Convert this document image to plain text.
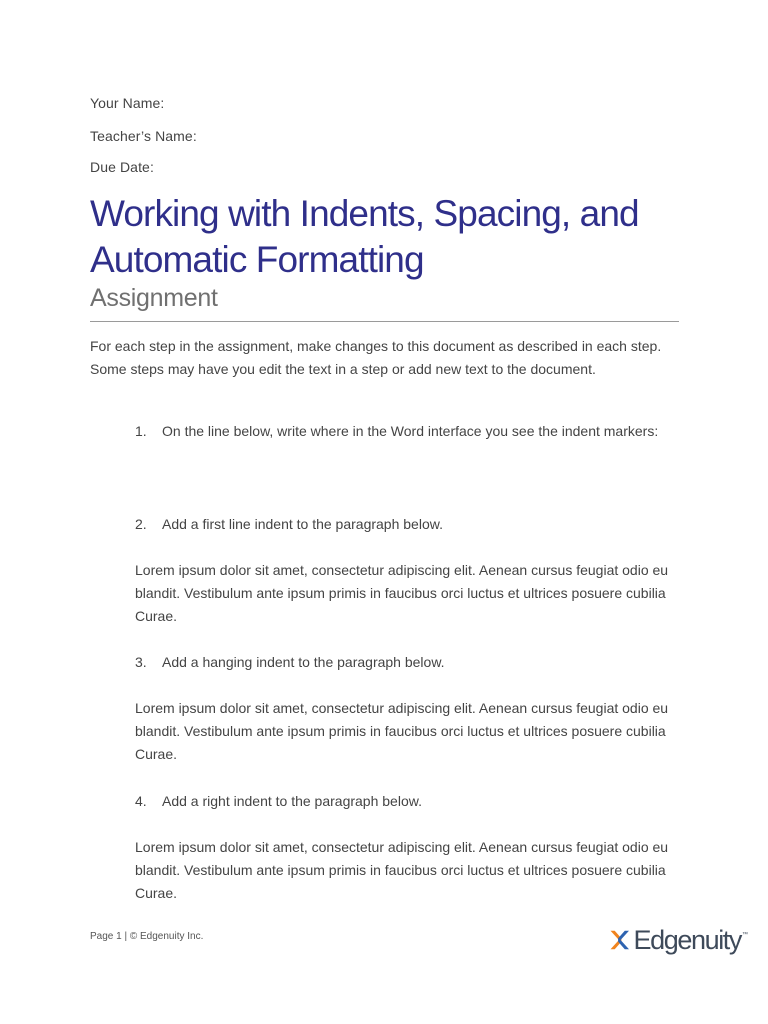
Your Name:
Teacher’s Name:
Due Date:
Working with Indents, Spacing, and Automatic Formatting
Assignment

For each step in the assignment, make changes to this document as described in each step. Some steps may have you edit the text in a step or add new text to the document.

1. On the line below, write where in the Word interface you see the indent markers:

2. Add a first line indent to the paragraph below.

Lorem ipsum dolor sit amet, consectetur adipiscing elit. Aenean cursus feugiat odio eu blandit. Vestibulum ante ipsum primis in faucibus orci luctus et ultrices posuere cubilia Curae.

3. Add a hanging indent to the paragraph below.

Lorem ipsum dolor sit amet, consectetur adipiscing elit. Aenean cursus feugiat odio eu blandit. Vestibulum ante ipsum primis in faucibus orci luctus et ultrices posuere cubilia Curae.

4. Add a right indent to the paragraph below.

Lorem ipsum dolor sit amet, consectetur adipiscing elit. Aenean cursus feugiat odio eu blandit. Vestibulum ante ipsum primis in faucibus orci luctus et ultrices posuere cubilia Curae.

Page 1 | © Edgenuity Inc.	Edgenuity ™
